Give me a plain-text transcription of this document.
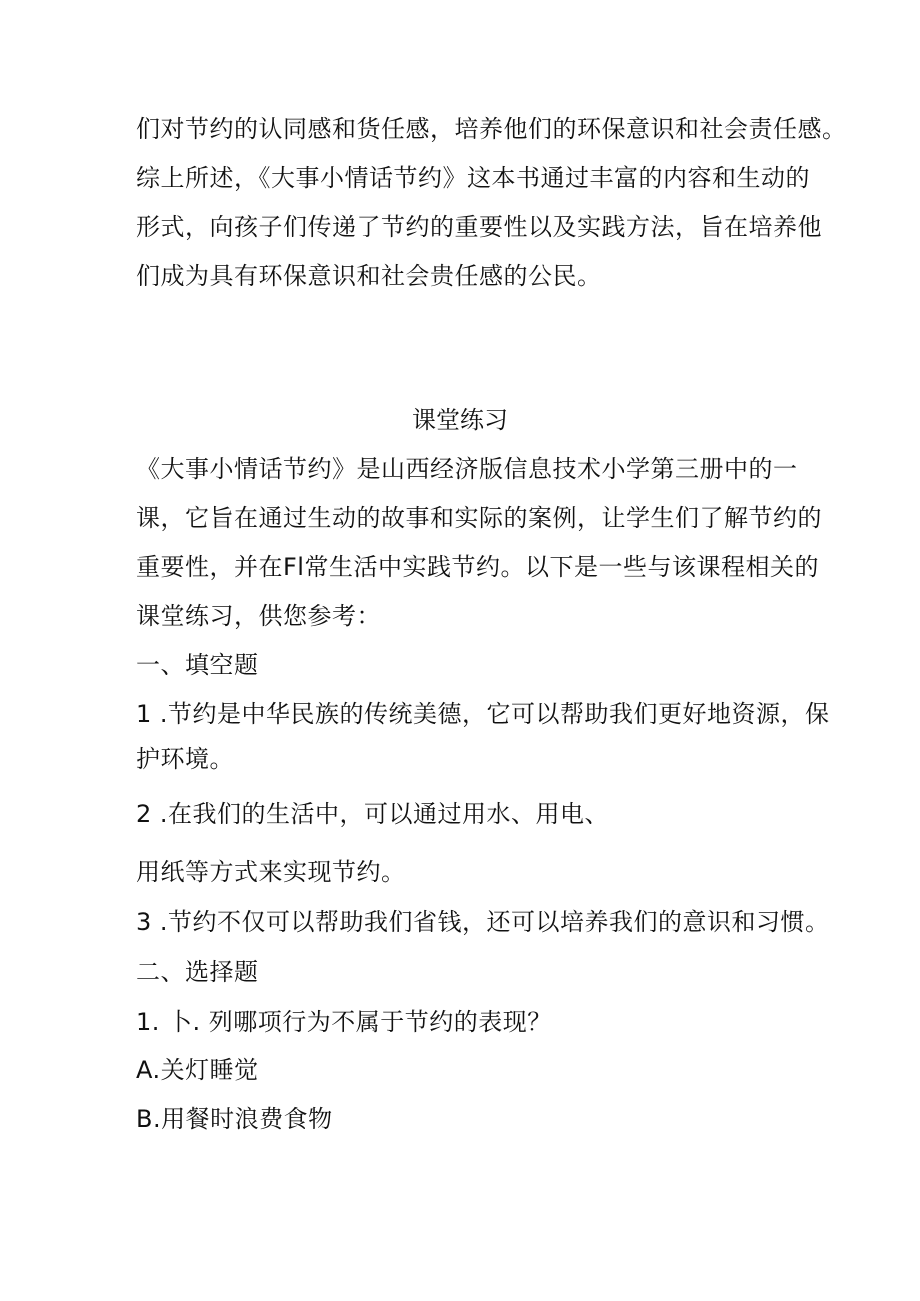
们对节约的认同感和货任感，培养他们的环保意识和社会责任感。
综上所述，《大事小情话节约》这本书通过丰富的内容和生动的
形式，向孩子们传递了节约的重要性以及实践方法，旨在培养他
们成为具有环保意识和社会贵任感的公民。
课堂练习
《大事小情话节约》是山西经济版信息技术小学第三册中的一
课，它旨在通过生动的故事和实际的案例，让学生们了解节约的
重要性，并在Fl常生活中实践节约。以下是一些与该课程相关的
课堂练习，供您参考：
一、填空题
1 .节约是中华民族的传统美德，它可以帮助我们更好地资源，保
护环境。
2 .在我们的生活中，可以通过用水、用电、
用纸等方式来实现节约。
3 .节约不仅可以帮助我们省钱，还可以培养我们的意识和习惯。
二、选择题
1. 卜. 列哪项行为不属于节约的表现？
A.关灯睡觉
B.用餐时浪费食物
